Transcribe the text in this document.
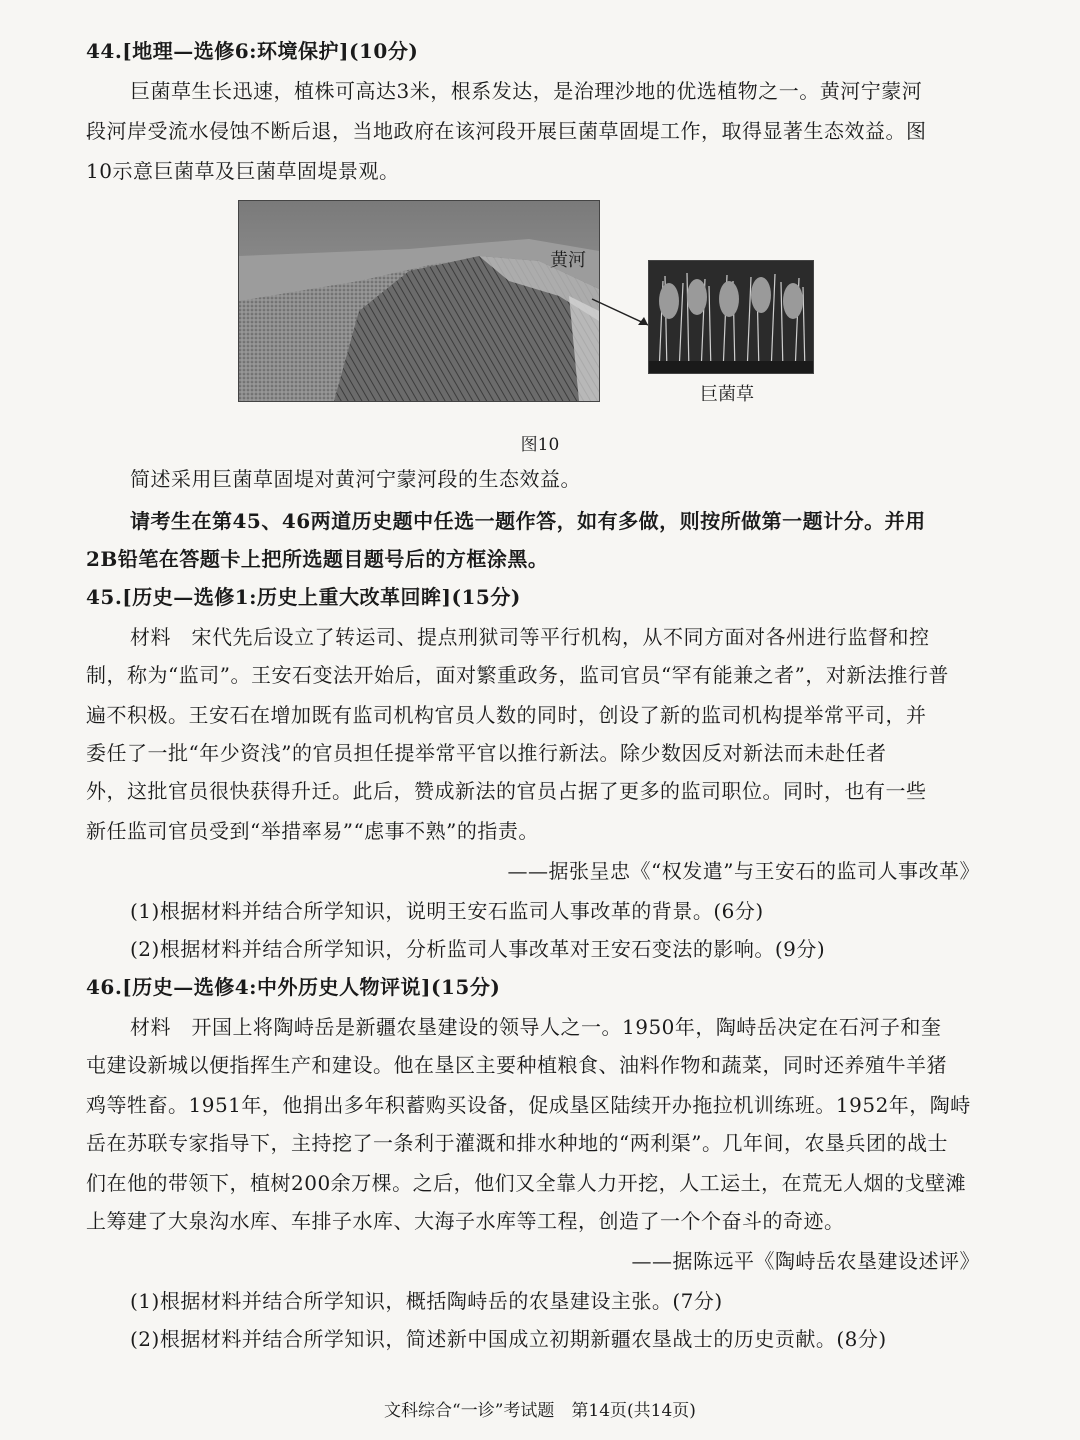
44.[地理—选修6:环境保护](10分)
巨菌草生长迅速，植株可高达3米，根系发达，是治理沙地的优选植物之一。黄河宁蒙河
段河岸受流水侵蚀不断后退，当地政府在该河段开展巨菌草固堤工作，取得显著生态效益。图
10示意巨菌草及巨菌草固堤景观。
黄河
巨菌草
图10
简述采用巨菌草固堤对黄河宁蒙河段的生态效益。
请考生在第45、46两道历史题中任选一题作答，如有多做，则按所做第一题计分。并用
2B铅笔在答题卡上把所选题目题号后的方框涂黑。
45.[历史—选修1:历史上重大改革回眸](15分)
材料　宋代先后设立了转运司、提点刑狱司等平行机构，从不同方面对各州进行监督和控
制，称为“监司”。王安石变法开始后，面对繁重政务，监司官员“罕有能兼之者”，对新法推行普
遍不积极。王安石在增加既有监司机构官员人数的同时，创设了新的监司机构提举常平司，并
委任了一批“年少资浅”的官员担任提举常平官以推行新法。除少数因反对新法而未赴任者
外，这批官员很快获得升迁。此后，赞成新法的官员占据了更多的监司职位。同时，也有一些
新任监司官员受到“举措率易”“虑事不熟”的指责。
——据张呈忠《“权发遣”与王安石的监司人事改革》
(1)根据材料并结合所学知识，说明王安石监司人事改革的背景。(6分)
(2)根据材料并结合所学知识，分析监司人事改革对王安石变法的影响。(9分)
46.[历史—选修4:中外历史人物评说](15分)
材料　开国上将陶峙岳是新疆农垦建设的领导人之一。1950年，陶峙岳决定在石河子和奎
屯建设新城以便指挥生产和建设。他在垦区主要种植粮食、油料作物和蔬菜，同时还养殖牛羊猪
鸡等牲畜。1951年，他捐出多年积蓄购买设备，促成垦区陆续开办拖拉机训练班。1952年，陶峙
岳在苏联专家指导下，主持挖了一条利于灌溉和排水种地的“两利渠”。几年间，农垦兵团的战士
们在他的带领下，植树200余万棵。之后，他们又全靠人力开挖，人工运土，在荒无人烟的戈壁滩
上筹建了大泉沟水库、车排子水库、大海子水库等工程，创造了一个个奋斗的奇迹。
——据陈远平《陶峙岳农垦建设述评》
(1)根据材料并结合所学知识，概括陶峙岳的农垦建设主张。(7分)
(2)根据材料并结合所学知识，简述新中国成立初期新疆农垦战士的历史贡献。(8分)
文科综合“一诊”考试题　第14页(共14页)
